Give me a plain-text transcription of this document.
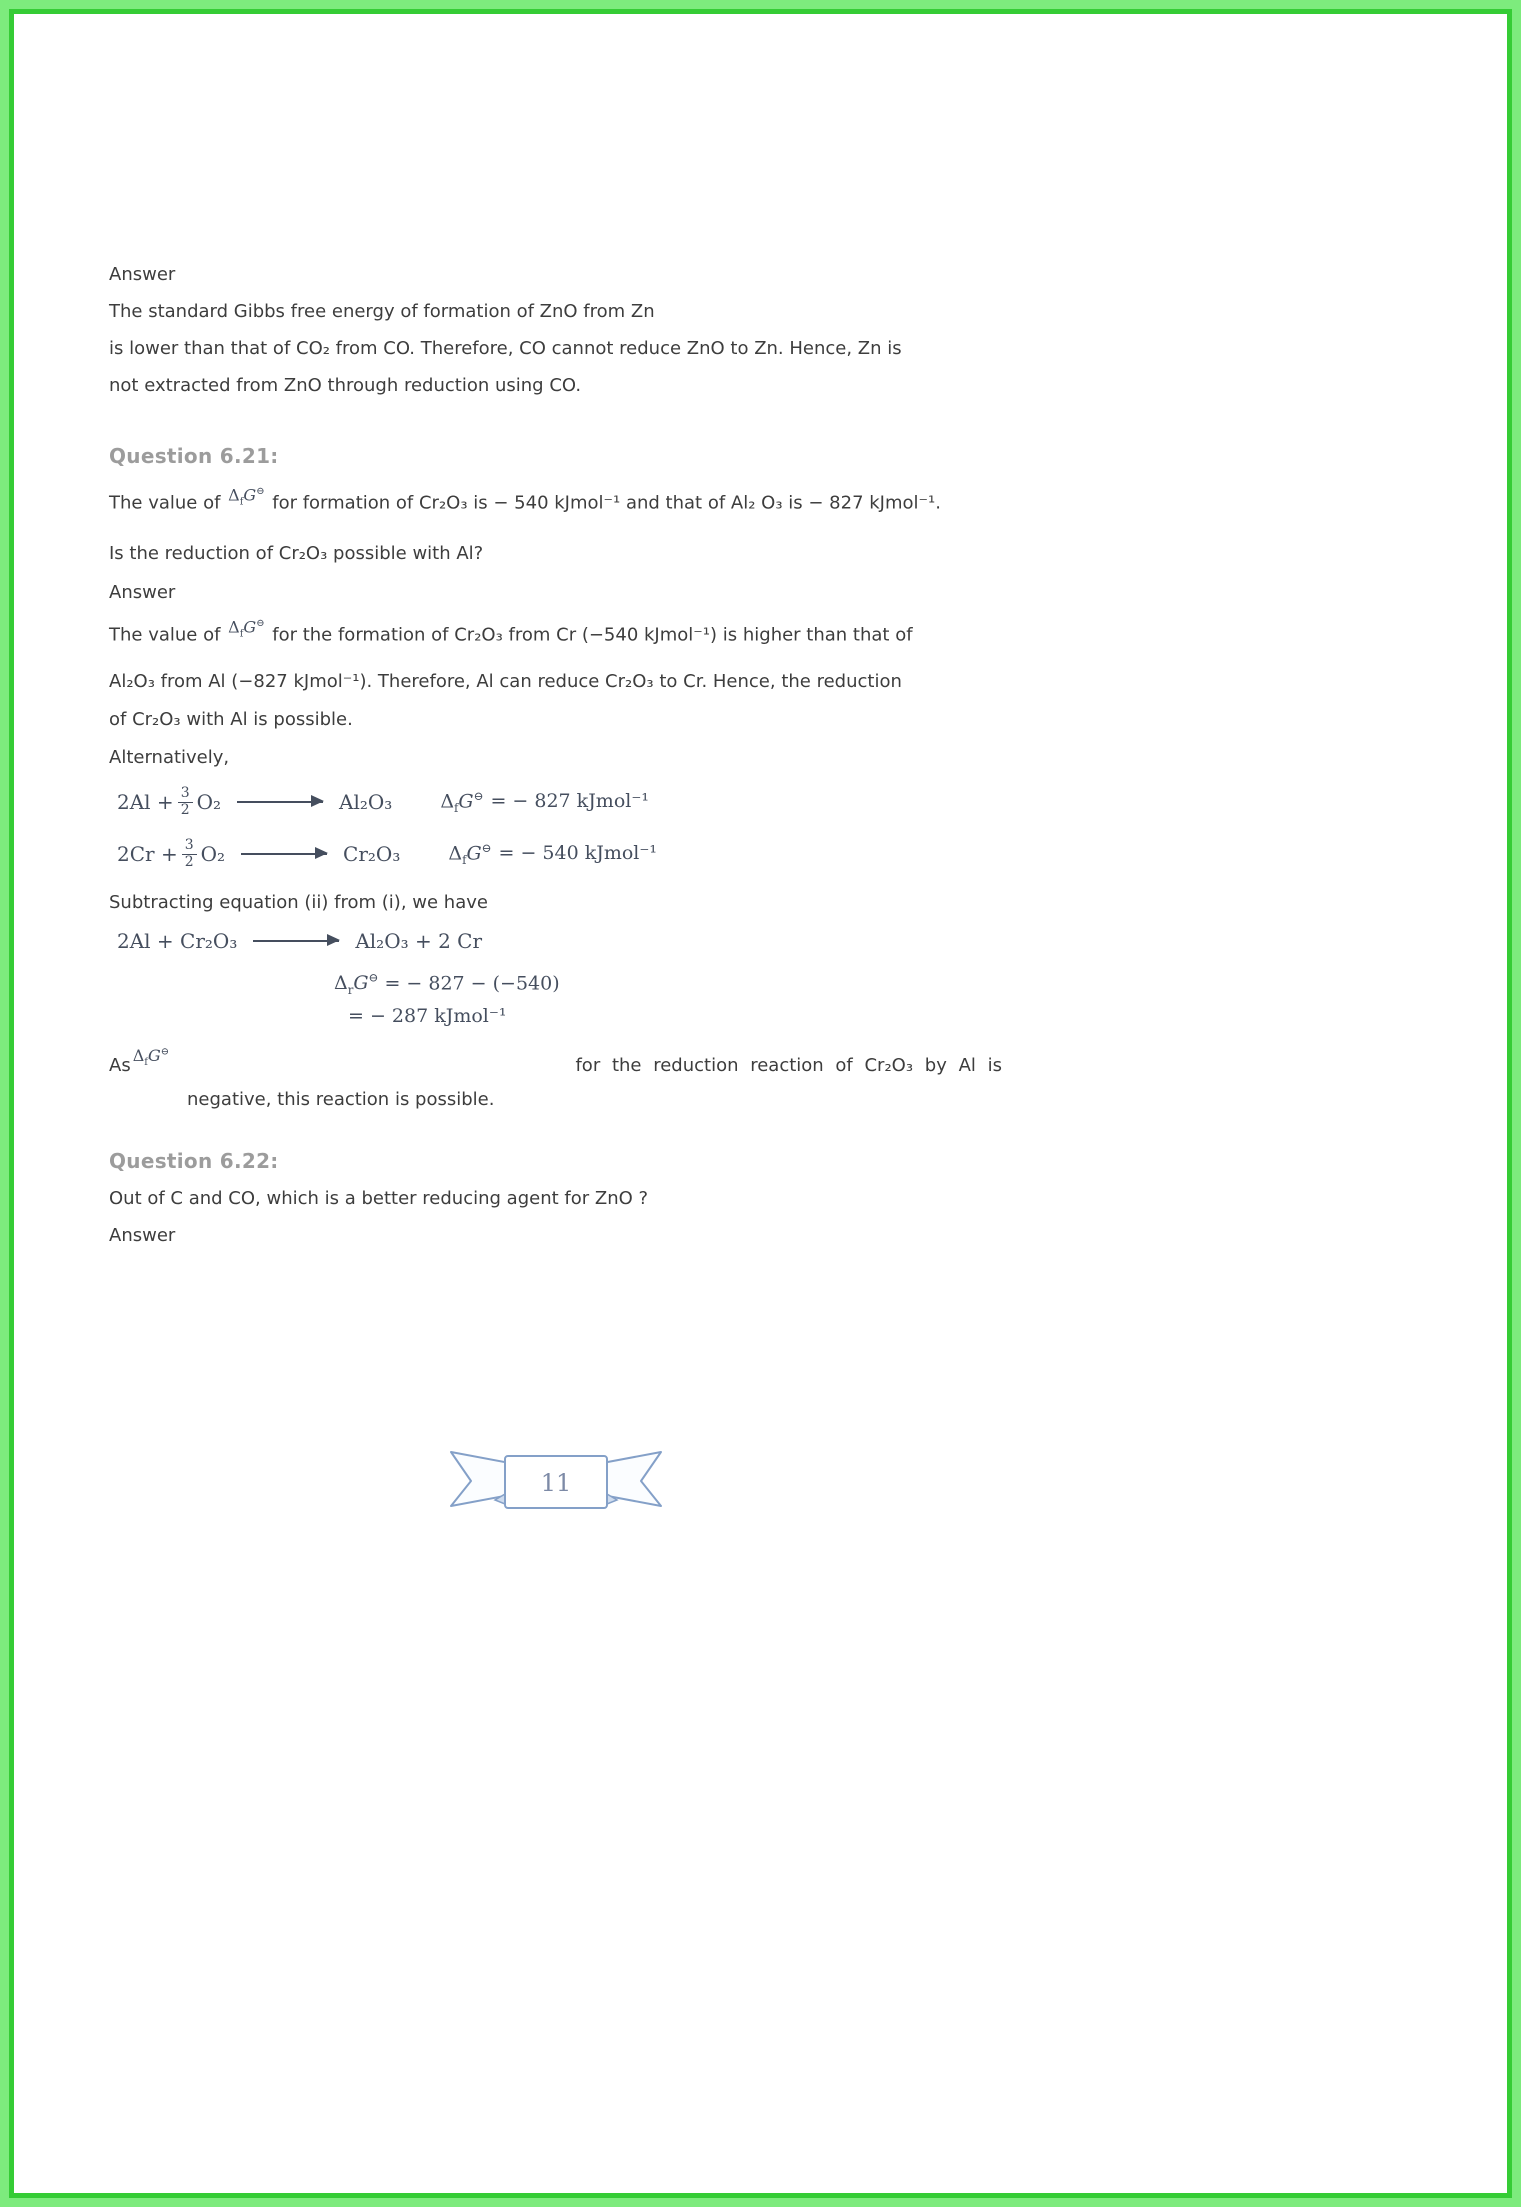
Answer

The standard Gibbs free energy of formation of ZnO from Zn

is lower than that of CO₂ from CO. Therefore, CO cannot reduce ZnO to Zn. Hence, Zn is

not extracted from ZnO through reduction using CO.

Question 6.21:

The value of $\Delta_fG^⊖$ for formation of Cr₂O₃ is − 540 kJmol⁻¹ and that of Al₂ O₃ is − 827 kJmol⁻¹.

Is the reduction of Cr₂O₃ possible with Al?

Answer

The value of $\Delta_fG^⊖$ for the formation of Cr₂O₃ from Cr (−540 kJmol⁻¹) is higher than that of

Al₂O₃ from Al (−827 kJmol⁻¹). Therefore, Al can reduce Cr₂O₃ to Cr. Hence, the reduction

of Cr₂O₃ with Al is possible.

Alternatively,

$2Al + \frac{3}{2} O_2$	Al₂O₃	$\Delta_fG^⊖$ = − 827 kJmol⁻¹
$2Cr + \frac{3}{2} O_2$	Cr₂O₃	$\Delta_fG^⊖$ = − 540 kJmol⁻¹

Subtracting equation (ii) from (i), we have

2Al + Cr₂O₃	Al₂O₃ + 2 Cr
$\Delta_rG^⊖$ = − 827 − (−540)
= − 287 kJmol⁻¹
As $\Delta_fG^⊖$
for the reduction reaction of Cr₂O₃ by Al is

negative, this reaction is possible.

Question 6.22:

Out of C and CO, which is a better reducing agent for ZnO ?

Answer
11
